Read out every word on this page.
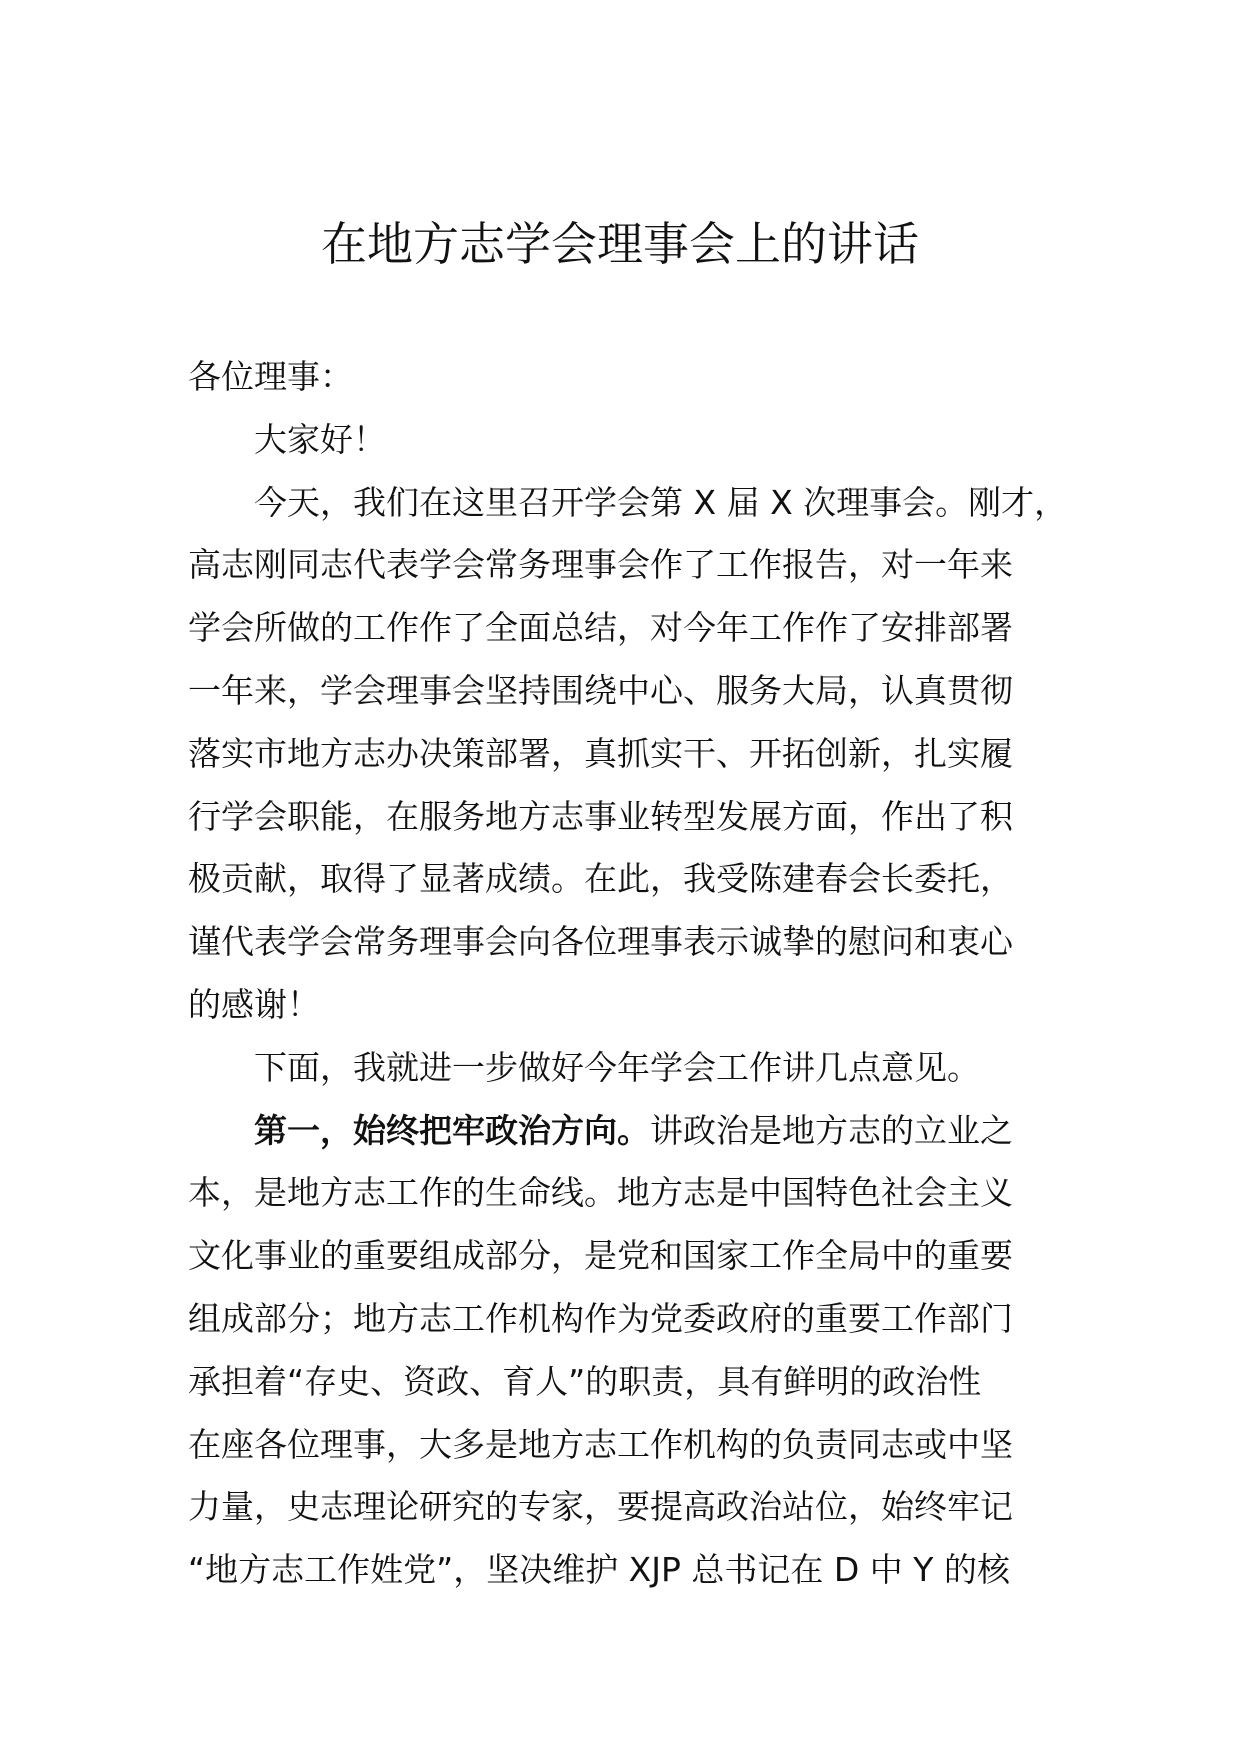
在地方志学会理事会上的讲话
各位理事：
大家好！
今天，我们在这里召开学会第 X 届 X 次理事会。刚才，
高志刚同志代表学会常务理事会作了工作报告，对一年来
学会所做的工作作了全面总结，对今年工作作了安排部署
一年来，学会理事会坚持围绕中心、服务大局，认真贯彻
落实市地方志办决策部署，真抓实干、开拓创新，扎实履
行学会职能，在服务地方志事业转型发展方面，作出了积
极贡献，取得了显著成绩。在此，我受陈建春会长委托，
谨代表学会常务理事会向各位理事表示诚挚的慰问和衷心
的感谢！
下面，我就进一步做好今年学会工作讲几点意见。
第一，始终把牢政治方向。讲政治是地方志的立业之
本，是地方志工作的生命线。地方志是中国特色社会主义
文化事业的重要组成部分，是党和国家工作全局中的重要
组成部分；地方志工作机构作为党委政府的重要工作部门
承担着“存史、资政、育人”的职责，具有鲜明的政治性
在座各位理事，大多是地方志工作机构的负责同志或中坚
力量，史志理论研究的专家，要提高政治站位，始终牢记
“地方志工作姓党”，坚决维护 XJP 总书记在 D 中 Y 的核
